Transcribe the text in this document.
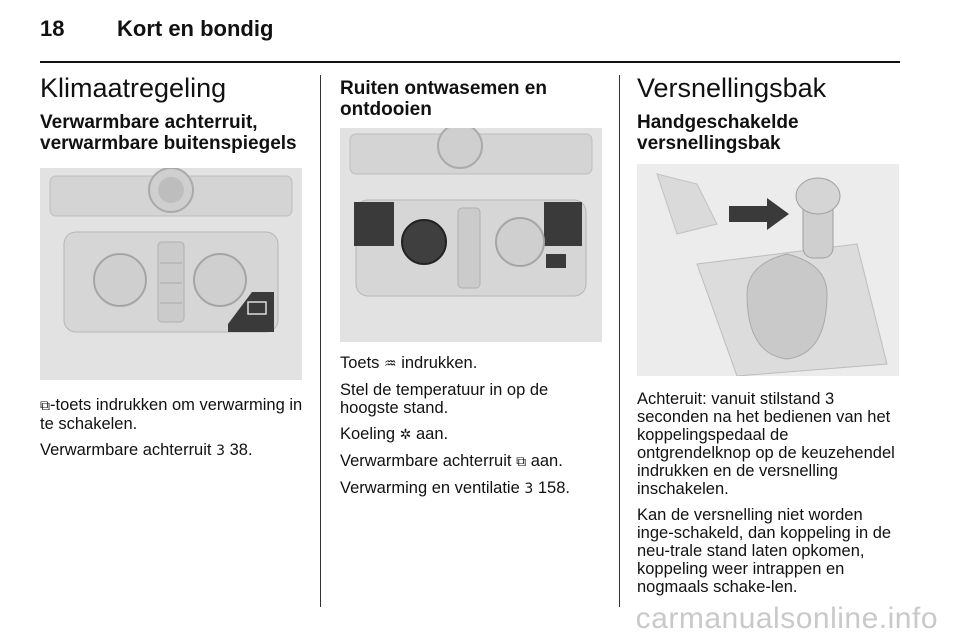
18 Kort en bondig
Klimaatregeling
Verwarmbare achterruit, verwarmbare buitenspiegels

⧉-toets indrukken om verwarming in te schakelen.

Verwarmbare achterruit 3 38.

Ruiten ontwasemen en ontdooien

Toets ♒ indrukken.

Stel de temperatuur in op de hoogste stand.

Koeling ✲ aan.

Verwarmbare achterruit ⧉ aan.

Verwarming en ventilatie 3 158.

Versnellingsbak
Handgeschakelde versnellingsbak

Achteruit: vanuit stilstand 3 seconden na het bedienen van het koppelingspedaal de ontgrendelknop op de keuzehendel indrukken en de versnelling inschakelen.

Kan de versnelling niet worden inge-schakeld, dan koppeling in de neu-trale stand laten opkomen, koppeling weer intrappen en nogmaals schake-len.

carmanualsonline.info
